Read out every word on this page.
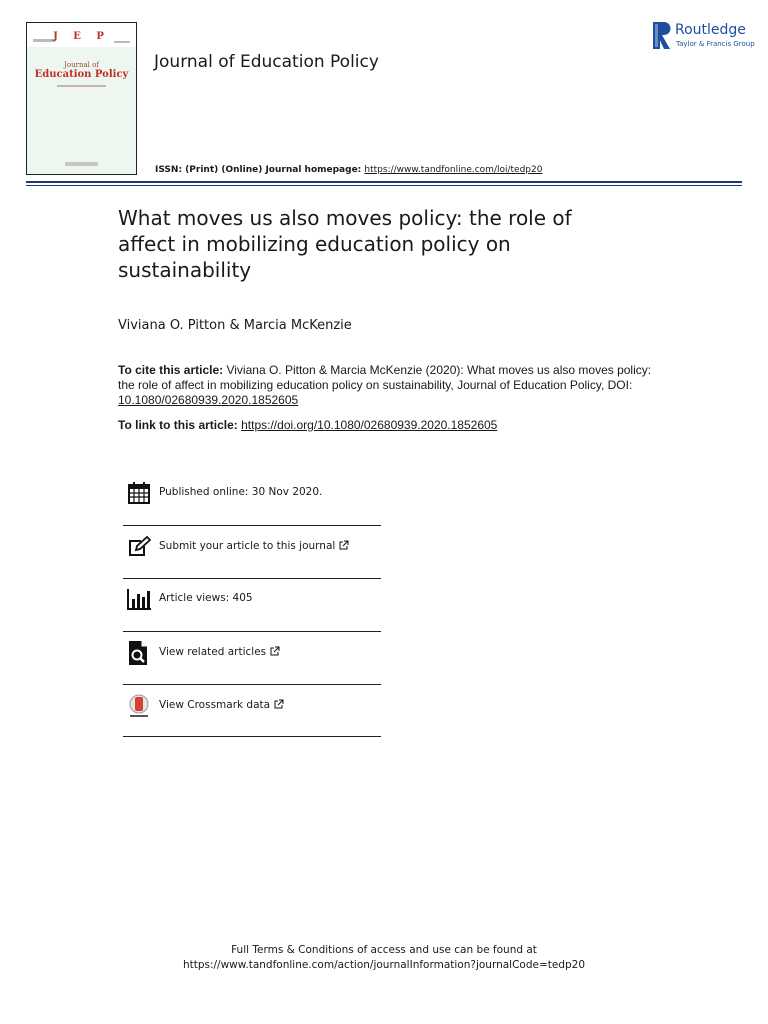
J E P
Journal of
Education Policy
Journal of Education Policy
ISSN: (Print) (Online) Journal homepage: https://www.tandfonline.com/loi/tedp20
Routledge
Taylor & Francis Group
What moves us also moves policy: the role of affect in mobilizing education policy on sustainability
Viviana O. Pitton & Marcia McKenzie
To cite this article: Viviana O. Pitton & Marcia McKenzie (2020): What moves us also moves policy: the role of affect in mobilizing education policy on sustainability, Journal of Education Policy, DOI: 10.1080/02680939.2020.1852605
To link to this article: https://doi.org/10.1080/02680939.2020.1852605
Published online: 30 Nov 2020.
Submit your article to this journal
Article views: 405
View related articles
View Crossmark data
Full Terms & Conditions of access and use can be found at
https://www.tandfonline.com/action/journalInformation?journalCode=tedp20
